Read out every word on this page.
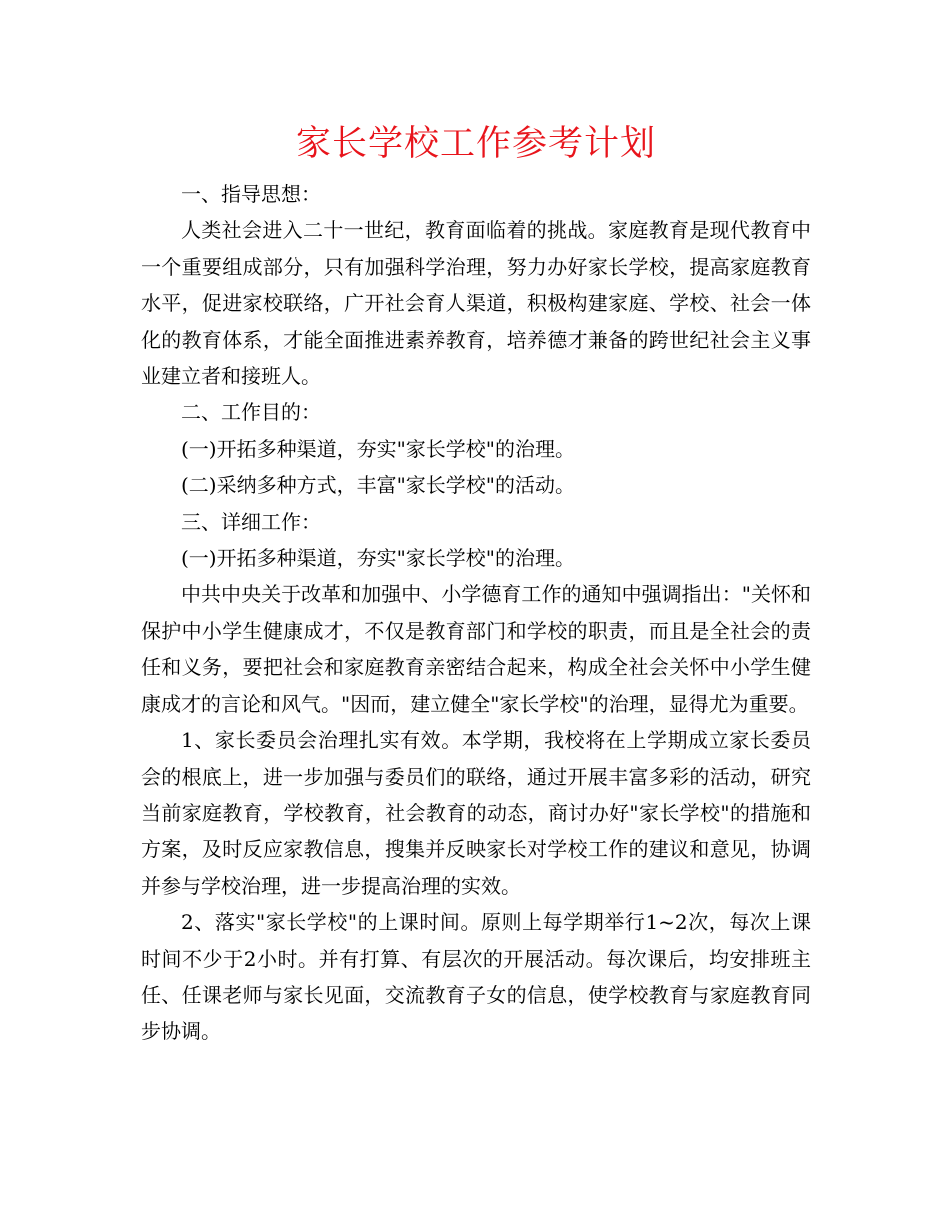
家长学校工作参考计划

一、指导思想：

人类社会进入二十一世纪，教育面临着的挑战。家庭教育是现代教育中一个重要组成部分，只有加强科学治理，努力办好家长学校，提高家庭教育水平，促进家校联络，广开社会育人渠道，积极构建家庭、学校、社会一体化的教育体系，才能全面推进素养教育，培养德才兼备的跨世纪社会主义事业建立者和接班人。

二、工作目的：

(一)开拓多种渠道，夯实"家长学校"的治理。

(二)采纳多种方式，丰富"家长学校"的活动。

三、详细工作：

(一)开拓多种渠道，夯实"家长学校"的治理。

中共中央关于改革和加强中、小学德育工作的通知中强调指出："关怀和保护中小学生健康成才，不仅是教育部门和学校的职责，而且是全社会的责任和义务，要把社会和家庭教育亲密结合起来，构成全社会关怀中小学生健康成才的言论和风气。"因而，建立健全"家长学校"的治理，显得尤为重要。

1、家长委员会治理扎实有效。本学期，我校将在上学期成立家长委员会的根底上，进一步加强与委员们的联络，通过开展丰富多彩的活动，研究当前家庭教育，学校教育，社会教育的动态，商讨办好"家长学校"的措施和方案，及时反应家教信息，搜集并反映家长对学校工作的建议和意见，协调并参与学校治理，进一步提高治理的实效。

2、落实"家长学校"的上课时间。原则上每学期举行1~2次，每次上课时间不少于2小时。并有打算、有层次的开展活动。每次课后，均安排班主任、任课老师与家长见面，交流教育子女的信息，使学校教育与家庭教育同步协调。
